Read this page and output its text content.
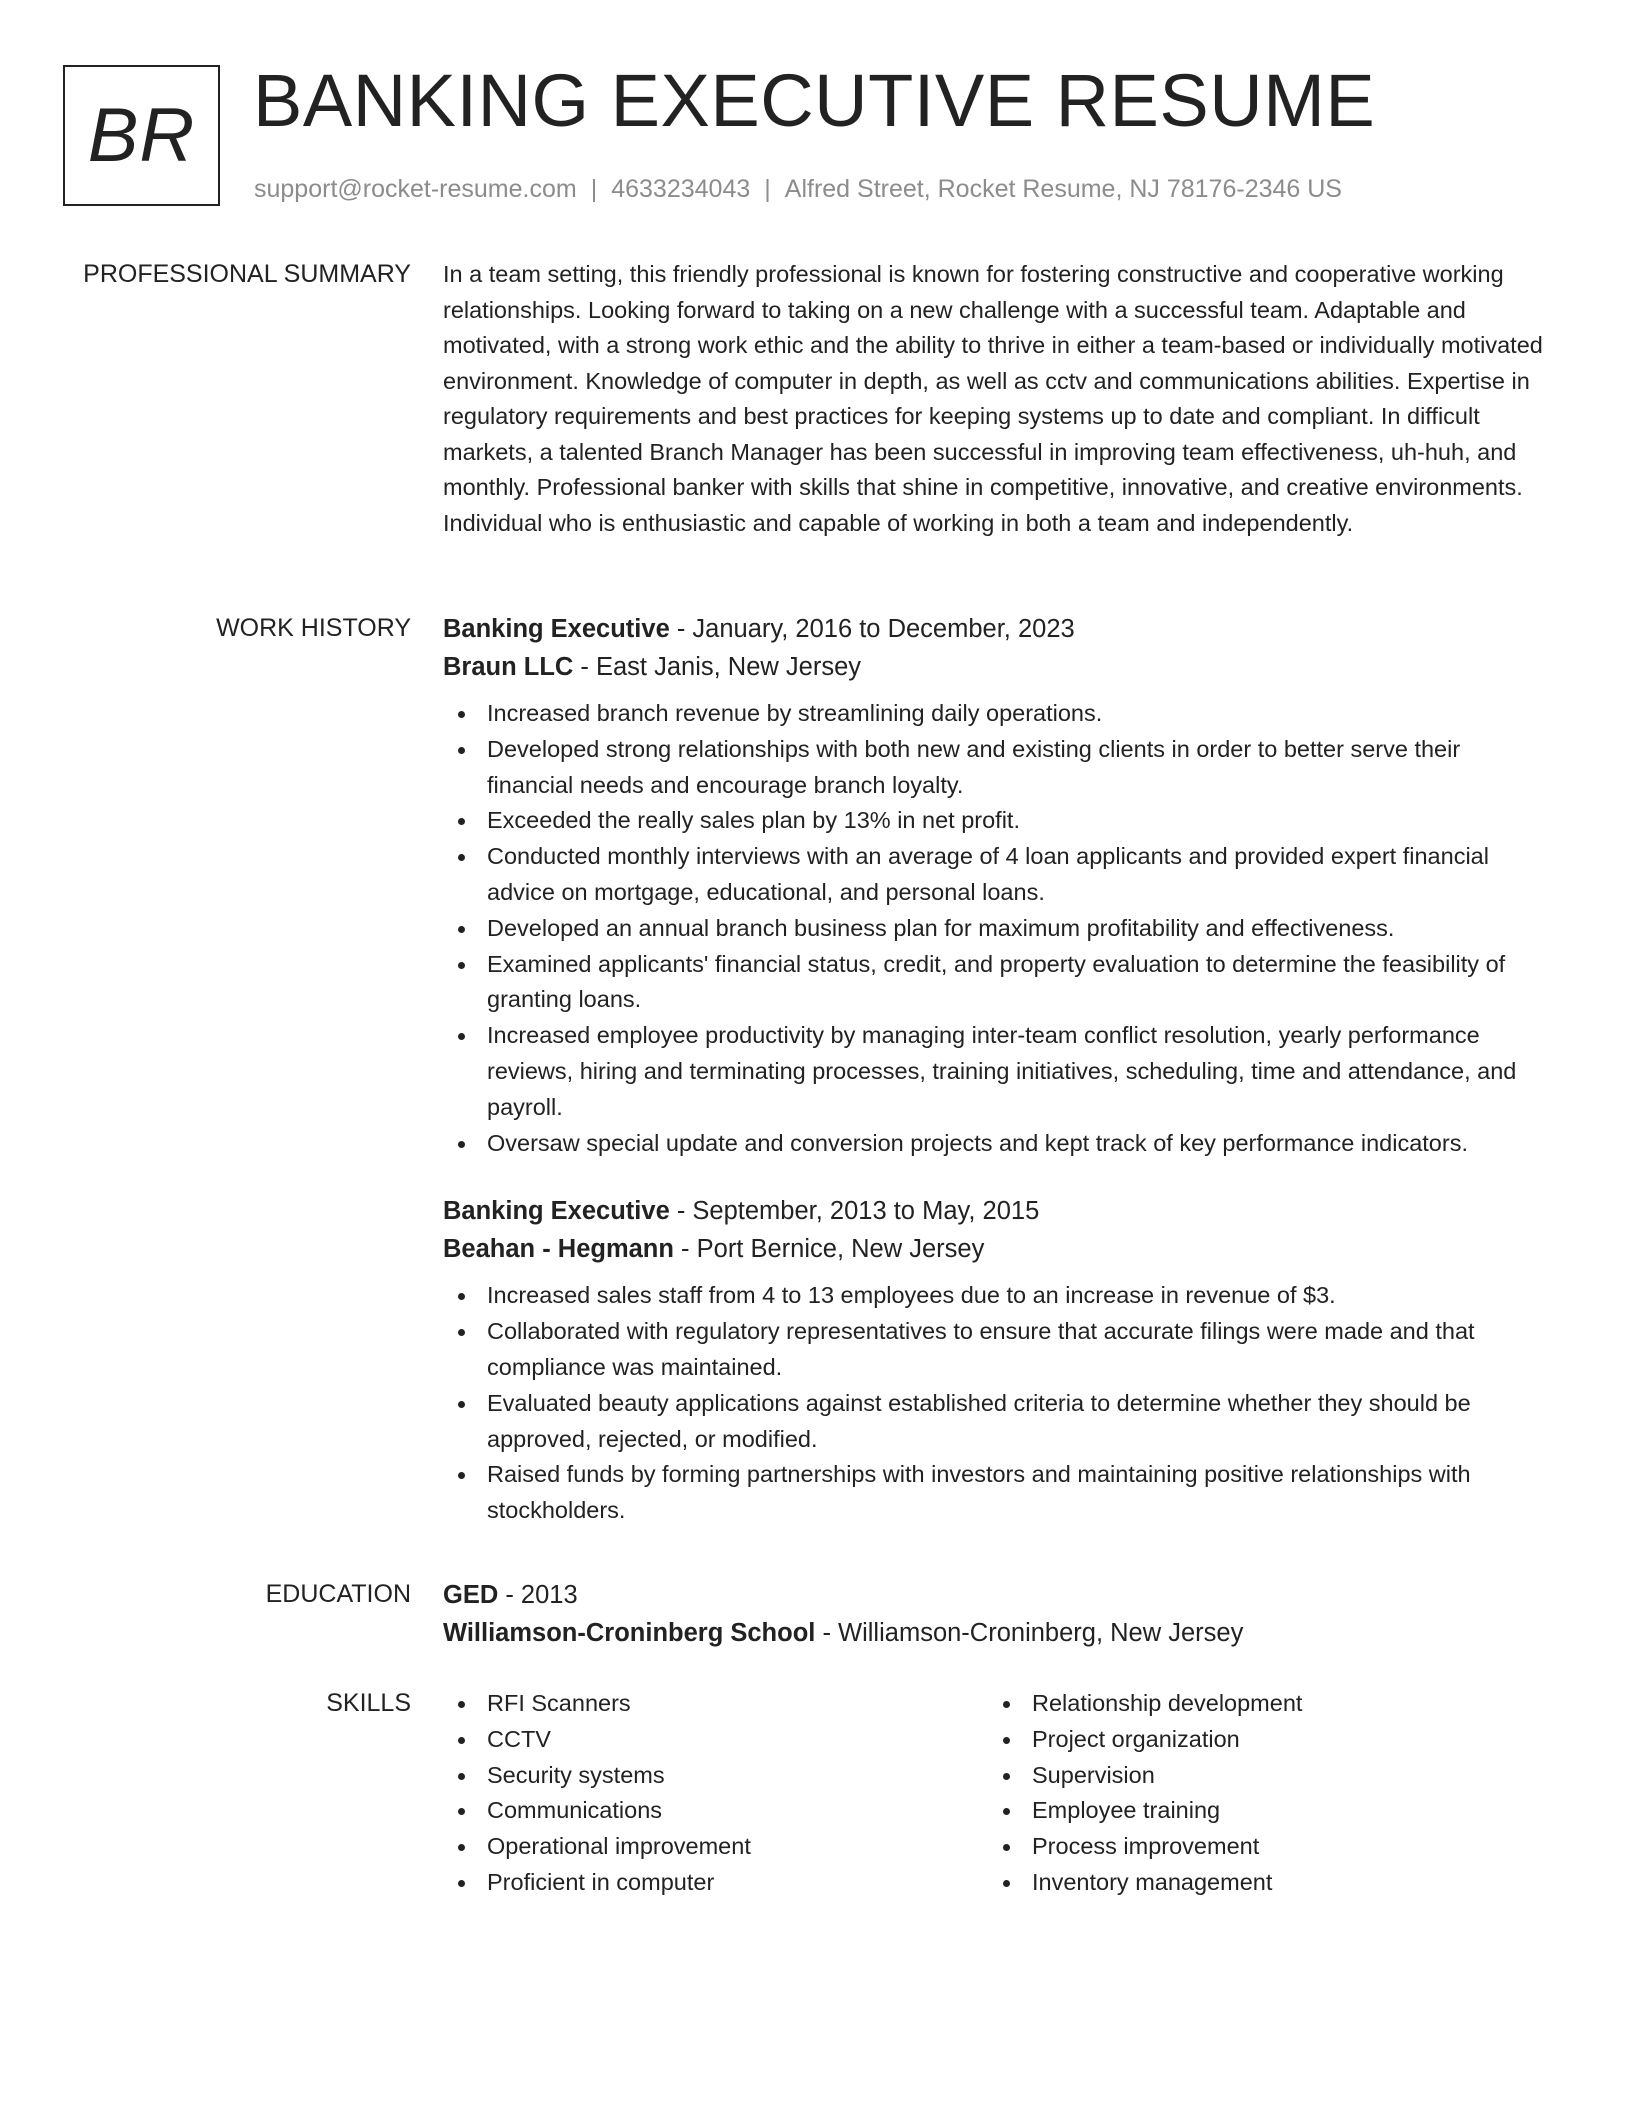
BR BANKING EXECUTIVE RESUME
support@rocket-resume.com | 4633234043 | Alfred Street, Rocket Resume, NJ 78176-2346 US
PROFESSIONAL SUMMARY In a team setting, this friendly professional is known for fostering constructive and cooperative working relationships. Looking forward to taking on a new challenge with a successful team. Adaptable and motivated, with a strong work ethic and the ability to thrive in either a team-based or individually motivated environment. Knowledge of computer in depth, as well as cctv and communications abilities. Expertise in regulatory requirements and best practices for keeping systems up to date and compliant. In difficult markets, a talented Branch Manager has been successful in improving team effectiveness, uh-huh, and monthly. Professional banker with skills that shine in competitive, innovative, and creative environments. Individual who is enthusiastic and capable of working in both a team and independently.

WORK HISTORY Banking Executive - January, 2016 to December, 2023
Braun LLC - East Janis, New Jersey
Increased branch revenue by streamlining daily operations.
Developed strong relationships with both new and existing clients in order to better serve their financial needs and encourage branch loyalty.
Exceeded the really sales plan by 13% in net profit.
Conducted monthly interviews with an average of 4 loan applicants and provided expert financial advice on mortgage, educational, and personal loans.
Developed an annual branch business plan for maximum profitability and effectiveness.
Examined applicants' financial status, credit, and property evaluation to determine the feasibility of granting loans.
Increased employee productivity by managing inter-team conflict resolution, yearly performance reviews, hiring and terminating processes, training initiatives, scheduling, time and attendance, and payroll.
Oversaw special update and conversion projects and kept track of key performance indicators.
Banking Executive - September, 2013 to May, 2015
Beahan - Hegmann - Port Bernice, New Jersey
Increased sales staff from 4 to 13 employees due to an increase in revenue of $3.
Collaborated with regulatory representatives to ensure that accurate filings were made and that compliance was maintained.
Evaluated beauty applications against established criteria to determine whether they should be approved, rejected, or modified.
Raised funds by forming partnerships with investors and maintaining positive relationships with stockholders.
EDUCATION GED - 2013
Williamson-Croninberg School - Williamson-Croninberg, New Jersey
SKILLS	RFI Scanners
CCTV
Security systems
Communications
Operational improvement
Proficient in computer
Relationship development
Project organization
Supervision
Employee training
Process improvement
Inventory management
